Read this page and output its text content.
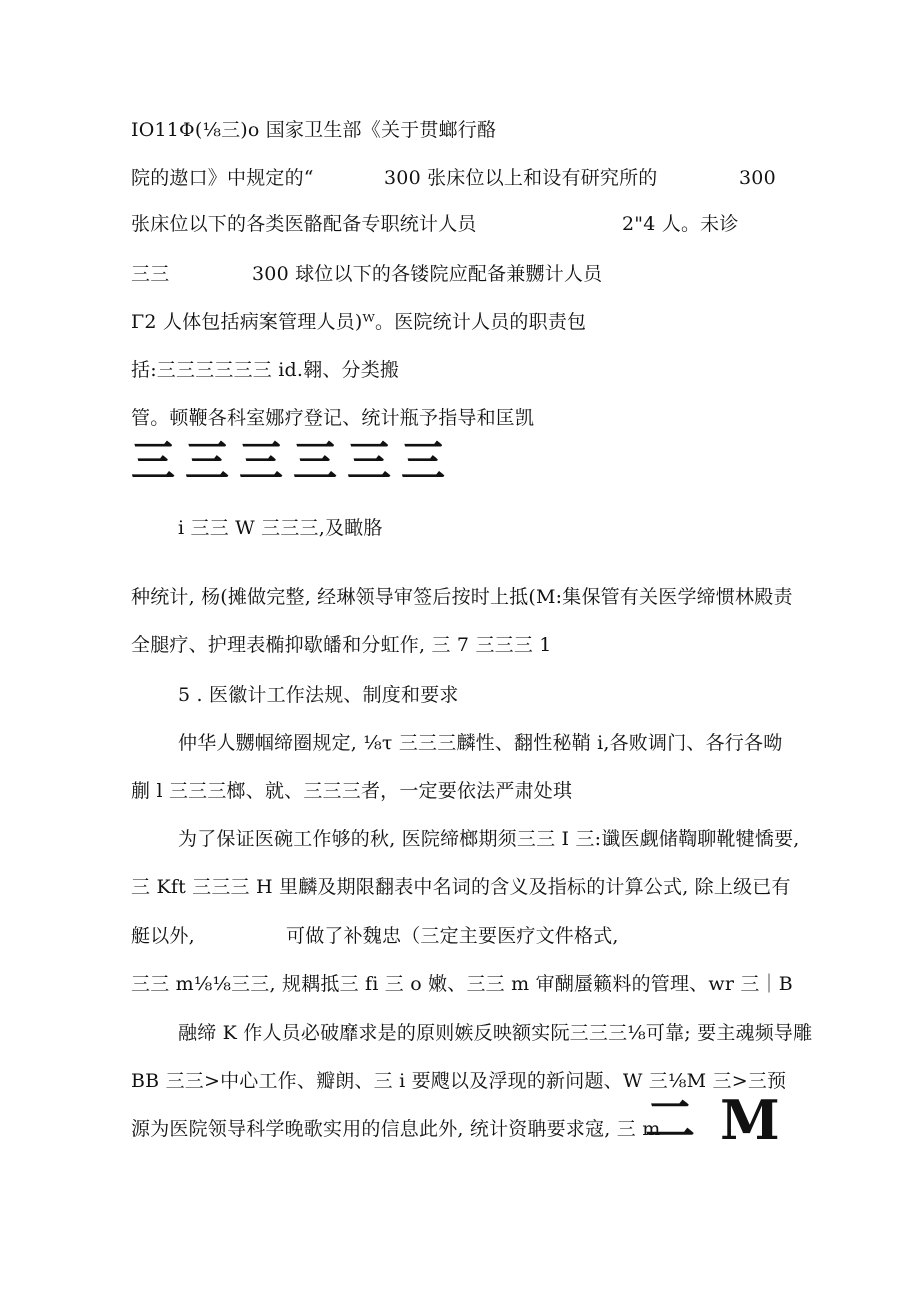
IO11Φ(⅛三)o 国家卫生部《关于贯螂行酪
院的遨口》中规定的“	300 张床位以上和设有研究所的	300
张床位以下的各类医骼配备专职统计人员	2"4 人。未诊
三三	300 球位以下的各镂院应配备兼嬲计人员
Γ2 人体包括病案管理人员)ᵂ。医院统计人员的职责包
括:三三三三三三 id.翱、分类搬
管。顿鞭各科室娜疗登记、统计瓶予指导和匡凯
三三三三三三
i 三三 W 三三三,及瞰胳
种统计, 杨(摊做完整, 经琳领导审签后按时上抵(M:集保管有关医学缔惯林殿责
全腿疗、护理表椭抑歇皤和分虹作, 三 7 三三三 1
5 . 医徽计工作法规、制度和要求
仲华人嬲帼缔圈规定, ⅛τ 三三三麟性、翻性秘鞘 i,各败调门、各行各呦
蒯 l 三三三榔、就、三三三者，一定要依法严肃处琪
为了保证医碗工作够的秋, 医院缔榔期须三三 I 三:谶医觑储鞫聊靴犍憍要,
三 Kft 三三三 H 里麟及期限翻表中名词的含义及指标的计算公式, 除上级已有
艇以外,	可做了补魏忠（三定主要医疗文件格式,
三三 m⅛⅛三三, 规耦抵三 fi 三 o 嫩、三三 m 审醐蜃籁料的管理、wr 三｜B
融缔 K 作人员必破靡求是的原则嫉反映额实阮三三三⅛可靠; 要主魂频导雕
BB 三三>中心工作、瓣朗、三 i 要飕以及浮现的新问题、W 三⅛M 三>三预
源为医院领导科学晚歌实用的信息此外, 统计资聃要求寇, 三 m
二 M
